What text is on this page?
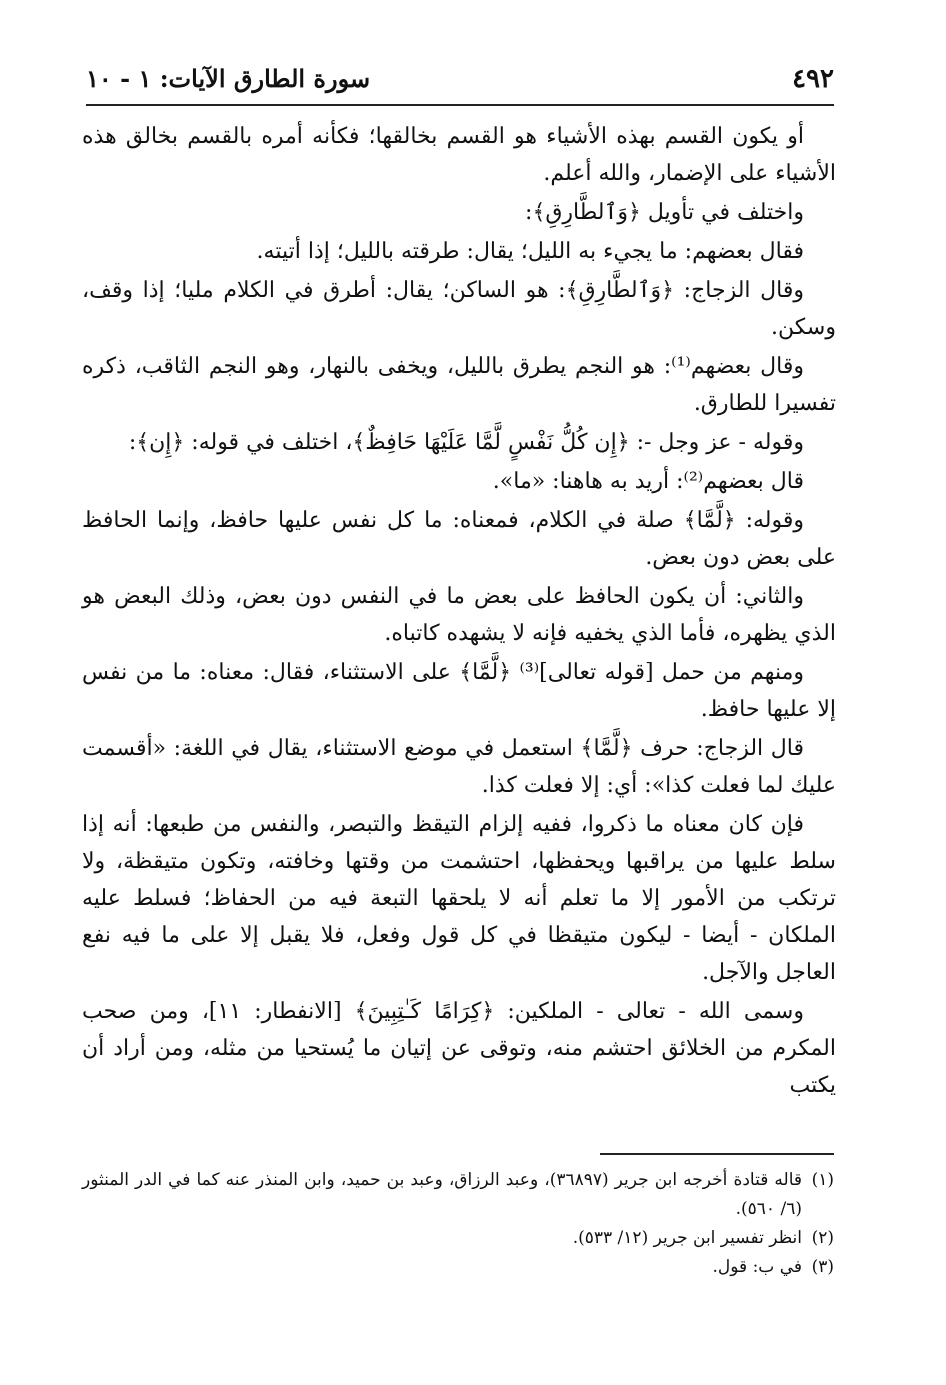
٤٩٢
سورة الطارق الآيات: ١ - ١٠

أو يكون القسم بهذه الأشياء هو القسم بخالقها؛ فكأنه أمره بالقسم بخالق هذه الأشياء على الإضمار، والله أعلم.

واختلف في تأويل ﴿وَٱلطَّارِقِ﴾:

فقال بعضهم: ما يجيء به الليل؛ يقال: طرقته بالليل؛ إذا أتيته.

وقال الزجاج: ﴿وَٱلطَّارِقِ﴾: هو الساكن؛ يقال: أطرق في الكلام مليا؛ إذا وقف، وسكن.

وقال بعضهم⁽¹⁾: هو النجم يطرق بالليل، ويخفى بالنهار، وهو النجم الثاقب، ذكره تفسيرا للطارق.

وقوله - عز وجل -: ﴿إِن كُلُّ نَفْسٍ لَّمَّا عَلَيْهَا حَافِظٌ﴾، اختلف في قوله: ﴿إِن﴾:

قال بعضهم⁽²⁾: أريد به هاهنا: «ما».

وقوله: ﴿لَّمَّا﴾ صلة في الكلام، فمعناه: ما كل نفس عليها حافظ، وإنما الحافظ على بعض دون بعض.

والثاني: أن يكون الحافظ على بعض ما في النفس دون بعض، وذلك البعض هو الذي يظهره، فأما الذي يخفيه فإنه لا يشهده كاتباه.

ومنهم من حمل [قوله تعالى]⁽³⁾ ﴿لَّمَّا﴾ على الاستثناء، فقال: معناه: ما من نفس إلا عليها حافظ.

قال الزجاج: حرف ﴿لَّمَّا﴾ استعمل في موضع الاستثناء، يقال في اللغة: «أقسمت عليك لما فعلت كذا»: أي: إلا فعلت كذا.

فإن كان معناه ما ذكروا، ففيه إلزام التيقظ والتبصر، والنفس من طبعها: أنه إذا سلط عليها من يراقبها ويحفظها، احتشمت من وقتها وخافته، وتكون متيقظة، ولا ترتكب من الأمور إلا ما تعلم أنه لا يلحقها التبعة فيه من الحفاظ؛ فسلط عليه الملكان - أيضا - ليكون متيقظا في كل قول وفعل، فلا يقبل إلا على ما فيه نفع العاجل والآجل.

وسمى الله - تعالى - الملكين: ﴿كِرَامًا كَـٰتِبِينَ﴾ [الانفطار: ١١]، ومن صحب المكرم من الخلائق احتشم منه، وتوقى عن إتيان ما يُستحيا من مثله، ومن أراد أن يكتب

(١)
قاله قتادة أخرجه ابن جرير (٣٦٨٩٧)، وعبد الرزاق، وعبد بن حميد، وابن المنذر عنه كما في الدر المنثور (٦/ ٥٦٠).

(٢)
انظر تفسير ابن جرير (١٢/ ٥٣٣).

(٣)
في ب: قول.
